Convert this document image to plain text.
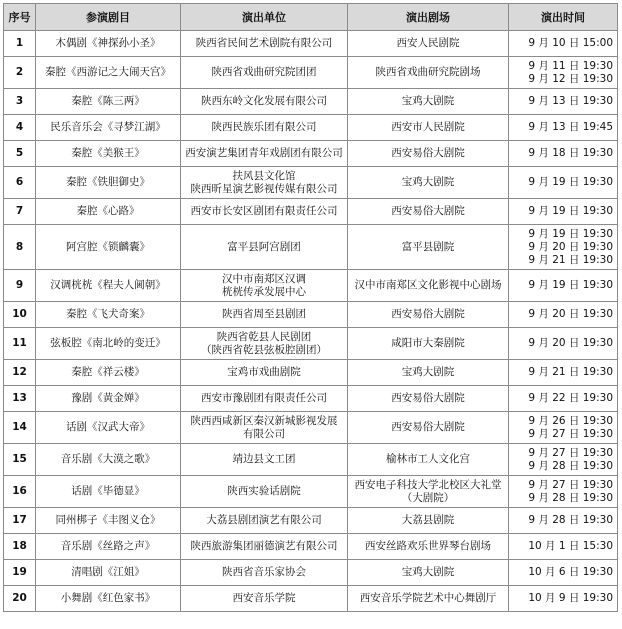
序号	参演剧目	演出单位	演出剧场	演出时间
1	木偶剧《神探孙小圣》	陕西省民间艺术剧院有限公司	西安人民剧院	9 月 10 日 15:00

2	秦腔《西游记之大闹天宫》	陕西省戏曲研究院团团	陕西省戏曲研究院剧场	9 月 11 日 19:30
9 月 12 日 19:30

3	秦腔《陈三两》	陕西东岭文化发展有限公司	宝鸡大剧院	9 月 13 日 19:30

4	民乐音乐会《寻梦江湖》	陕西民族乐团有限公司	西安市人民剧院	9 月 13 日 19:45

5	秦腔《美猴王》	西安演艺集团青年戏剧团有限公司	西安易俗大剧院	9 月 18 日 19:30

6	秦腔《铁胆御史》	扶风县文化馆
陕西昕星演艺影视传媒有限公司	宝鸡大剧院	9 月 19 日 19:30

7	秦腔《心路》	西安市长安区剧团有限责任公司	西安易俗大剧院	9 月 19 日 19:30

8	阿宫腔《锁麟囊》	富平县阿宫剧团	富平县剧院	9 月 19 日 19:30
9 月 20 日 19:30
9 月 21 日 19:30

9	汉调桄桄《程夫人阃朝》	汉中市南郑区汉调
桄桄传承发展中心	汉中市南郑区文化影视中心剧场	9 月 19 日 19:30

10	秦腔《飞犬奇案》	陕西省周至县剧团	西安易俗大剧院	9 月 20 日 19:30

11	弦板腔《南北岭的变迁》	陕西省乾县人民剧团
（陕西省乾县弦板腔剧团）	咸阳市大秦剧院	9 月 20 日 19:30

12	秦腔《祥云楼》	宝鸡市戏曲剧院	宝鸡大剧院	9 月 21 日 19:30

13	豫剧《黄金婵》	西安市豫剧团有限责任公司	西安易俗大剧院	9 月 22 日 19:30

14	话剧《汉武大帝》	陕西西咸新区秦汉新城影视发展
有限公司	西安易俗大剧院	9 月 26 日 19:30
9 月 27 日 19:30

15	音乐剧《大漠之歌》	靖边县文工团	榆林市工人文化宫	9 月 27 日 19:30
9 月 28 日 19:30

16	话剧《毕德显》	陕西实验话剧院	西安电子科技大学北校区大礼堂
（大剧院）	9 月 27 日 19:30
9 月 28 日 19:30

17	同州梆子《丰图义仓》	大荔县剧团演艺有限公司	大荔县剧院	9 月 28 日 19:30

18	音乐剧《丝路之声》	陕西旅游集团丽德演艺有限公司	西安丝路欢乐世界琴台剧场	10 月 1 日 15:30

19	清唱剧《江姐》	陕西省音乐家协会	宝鸡大剧院	10 月 6 日 19:30

20	小舞剧《红色家书》	西安音乐学院	西安音乐学院艺术中心舞剧厅	10 月 9 日 19:30
